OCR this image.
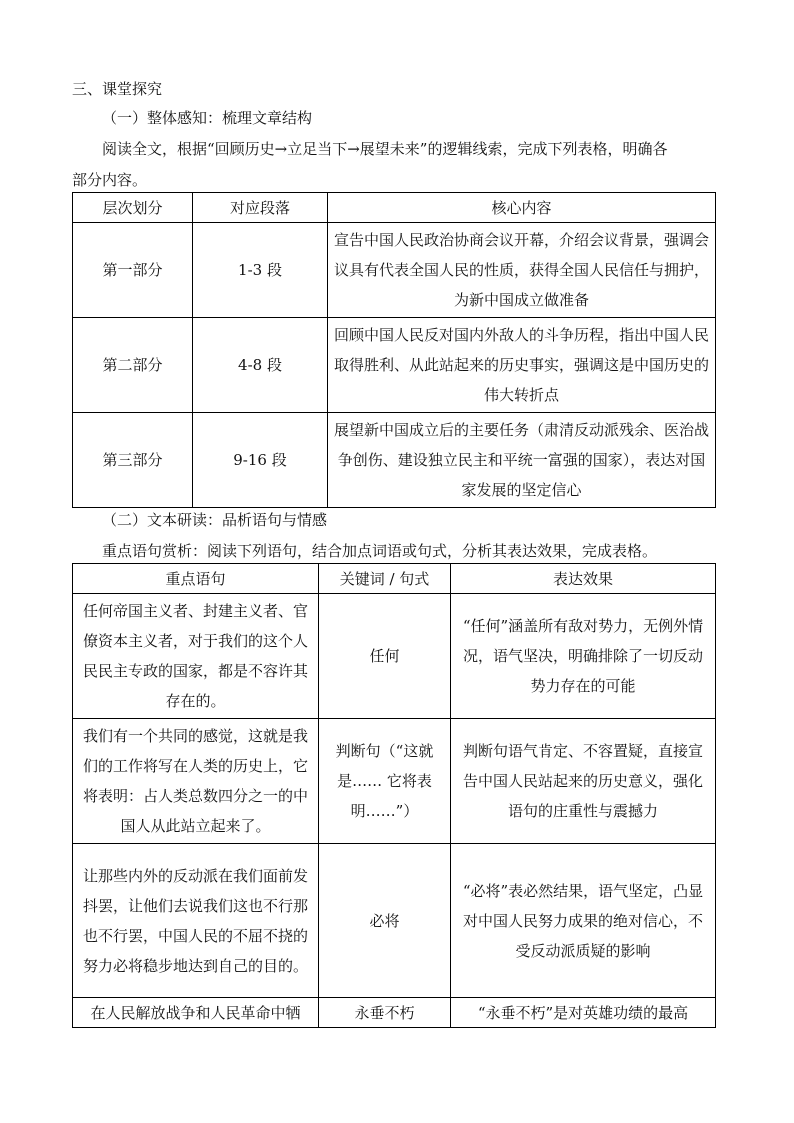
三、课堂探究
（一）整体感知：梳理文章结构
阅读全文，根据“回顾历史→立足当下→展望未来”的逻辑线索，完成下列表格，明确各
部分内容。
层次划分	对应段落	核心内容
第一部分	1-3 段	宣告中国人民政治协商会议开幕，介绍会议背景，强调会议具有代表全国人民的性质，获得全国人民信任与拥护，为新中国成立做准备
第二部分	4-8 段	回顾中国人民反对国内外敌人的斗争历程，指出中国人民取得胜利、从此站起来的历史事实，强调这是中国历史的伟大转折点
第三部分	9-16 段	展望新中国成立后的主要任务（肃清反动派残余、医治战争创伤、建设独立民主和平统一富强的国家），表达对国家发展的坚定信心
（二）文本研读：品析语句与情感
重点语句赏析：阅读下列语句，结合加点词语或句式，分析其表达效果，完成表格。
重点语句	关键词 / 句式	表达效果
任何帝国主义者、封建主义者、官僚资本主义者，对于我们的这个人民民主专政的国家，都是不容许其存在的。	任何	“任何”涵盖所有敌对势力，无例外情况，语气坚决，明确排除了一切反动势力存在的可能
我们有一个共同的感觉，这就是我们的工作将写在人类的历史上，它将表明：占人类总数四分之一的中国人从此站立起来了。	判断句（“这就是…… 它将表明……”）	判断句语气肯定、不容置疑，直接宣告中国人民站起来的历史意义，强化语句的庄重性与震撼力
让那些内外的反动派在我们面前发抖罢，让他们去说我们这也不行那也不行罢，中国人民的不屈不挠的努力必将稳步地达到自己的目的。	必将	“必将”表必然结果，语气坚定，凸显对中国人民努力成果的绝对信心，不受反动派质疑的影响
在人民解放战争和人民革命中牺	永垂不朽	“永垂不朽”是对英雄功绩的最高
